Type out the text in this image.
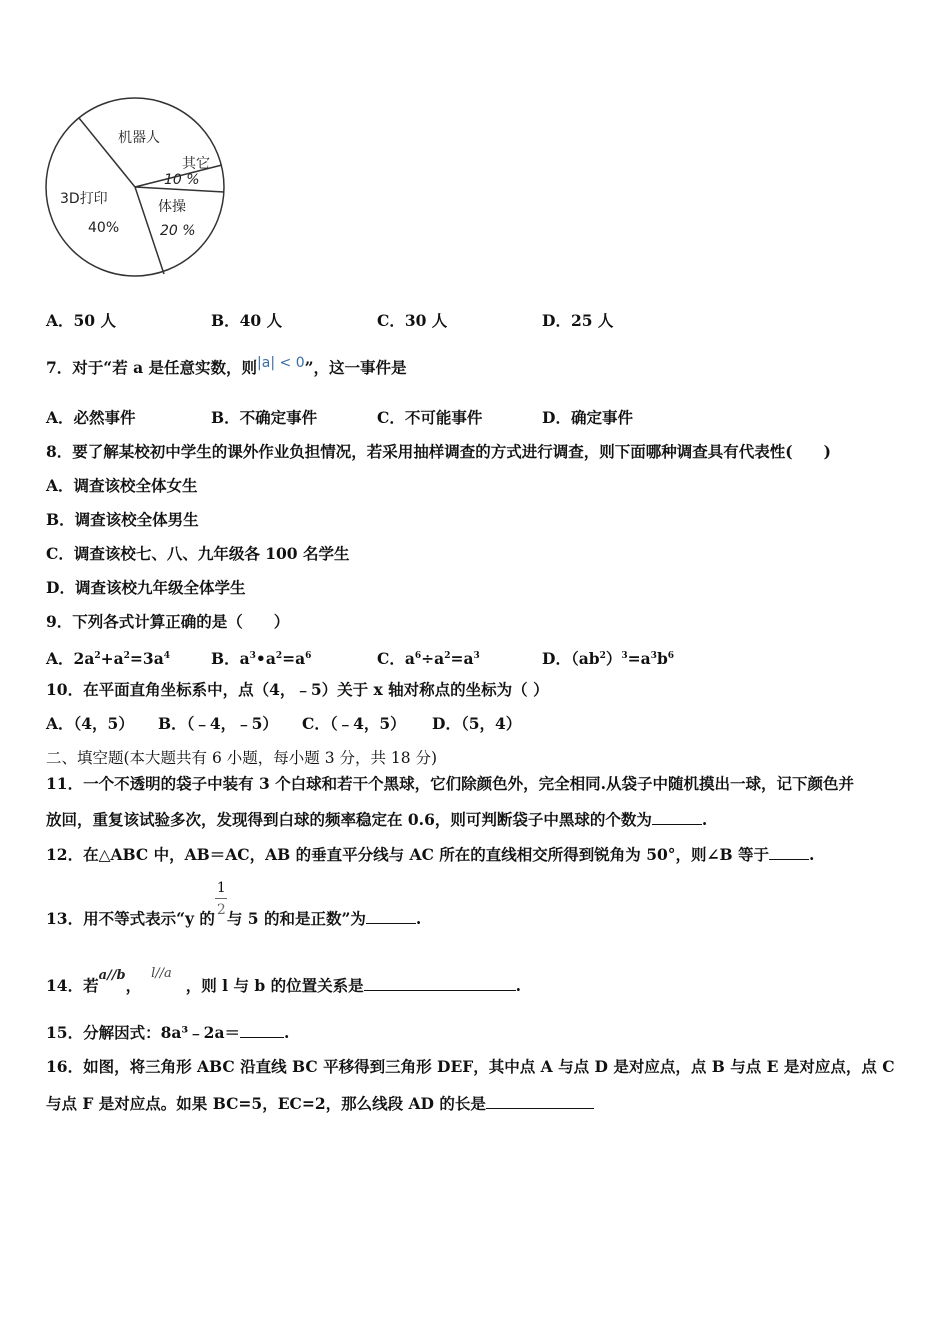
机器人
其它
10 %
3D打印
40%
体操
20 %
A．50 人	B．40 人	C．30 人	D．25 人
7．对于“若 a 是任意实数，则|a| < 0”，这一事件是
A．必然事件	B．不确定事件	C．不可能事件	D．确定事件
8．要了解某校初中学生的课外作业负担情况，若采用抽样调查的方式进行调查，则下面哪种调查具有代表性(　　)
A．调查该校全体女生
B．调查该校全体男生
C．调查该校七、八、九年级各 100 名学生
D．调查该校九年级全体学生
9．下列各式计算正确的是（　　）
A．$2a^2+a^2=3a^4$	B．$a^3•a^2=a^6$	C．$a^6\div a^2=a^3$	D．$(ab^2)^3=a^3b^6$
10．在平面直角坐标系中，点（4，﹣5）关于 x 轴对称点的坐标为（ ）
A．（4，5） B．（﹣4，﹣5） C．（﹣4，5） D．（5，4）
二、填空题(本大题共有 6 小题，每小题 3 分，共 18 分)
11．一个不透明的袋子中装有 3 个白球和若干个黑球，它们除颜色外，完全相同.从袋子中随机摸出一球，记下颜色并
放回，重复该试验多次，发现得到白球的频率稳定在 0.6，则可判断袋子中黑球的个数为	.
12．在△ABC 中，AB＝AC，AB 的垂直平分线与 AC 所在的直线相交所得到锐角为 50°，则∠B 等于	.
13．用不等式表示“y 的 $\frac{1}{2}$ 与 5 的和是正数”为	.
14．若$^{a//b}$，$^{l//a}$，则 l 与 b 的位置关系是	.
15．分解因式：8a³﹣2a＝	.
16．如图，将三角形 ABC 沿直线 BC 平移得到三角形 DEF，其中点 A 与点 D 是对应点，点 B 与点 E 是对应点，点 C
与点 F 是对应点。如果 BC=5，EC=2，那么线段 AD 的长是
